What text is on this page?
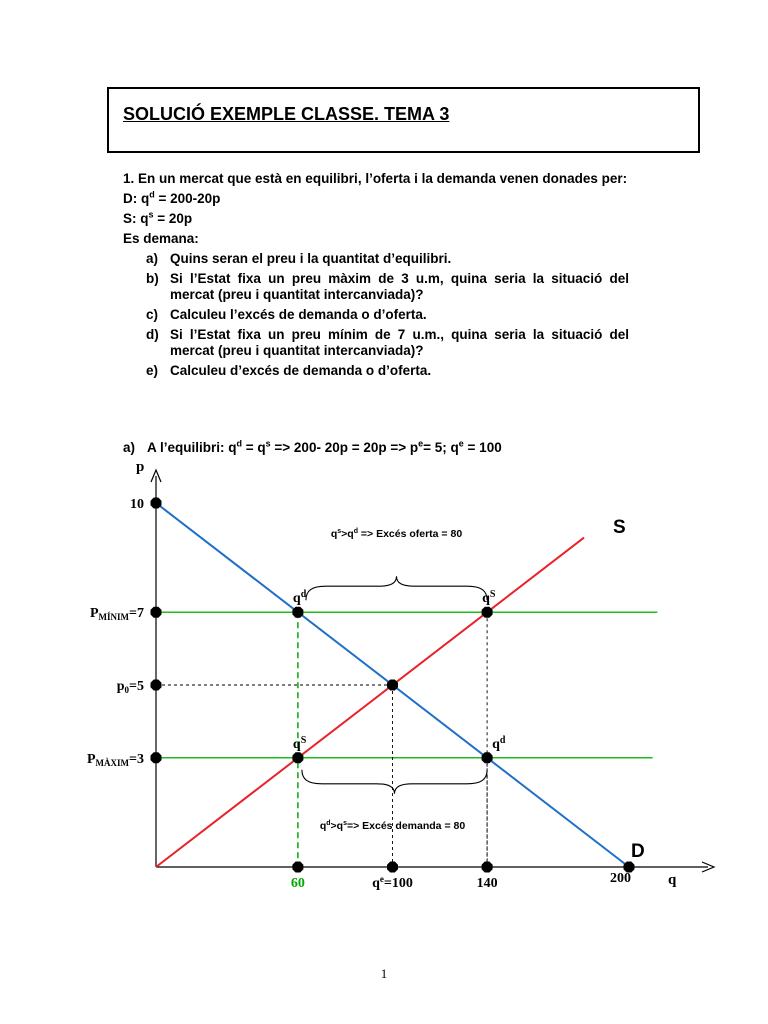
SOLUCIÓ EXEMPLE CLASSE. TEMA 3

1. En un mercat que està en equilibri, l’oferta i la demanda venen donades per:

D: $q^d = 200-20p$

S: $q^s = 20p$

Es demana:

a) Quins seran el preu i la quantitat d’equilibri.
b) Si l’Estat fixa un preu màxim de 3 u.m, quina seria la situació del mercat (preu i quantitat intercanviada)?
c) Calculeu l’excés de demanda o d’oferta.
d) Si l’Estat fixa un preu mínim de 7 u.m., quina seria la situació del mercat (preu i quantitat intercanviada)?
e) Calculeu d’excés de demanda o d’oferta.
a) A l’equilibri: $q^d = q^s => 200-$ $20p = 20p => p^e= 5$; $q^e = 100$
p
q
$q^s>q^d$ => Excés oferta = 80
$q^d>q^s=>$ Excés demanda = 80
S
D
$q^d$	$q^S$
$q^S$	$q^d$
10
$P_{MÍNIM}=7$
$p_0=5$
$P_{MÀXIM}=3$
60	$q^e=100$	140	200
1
